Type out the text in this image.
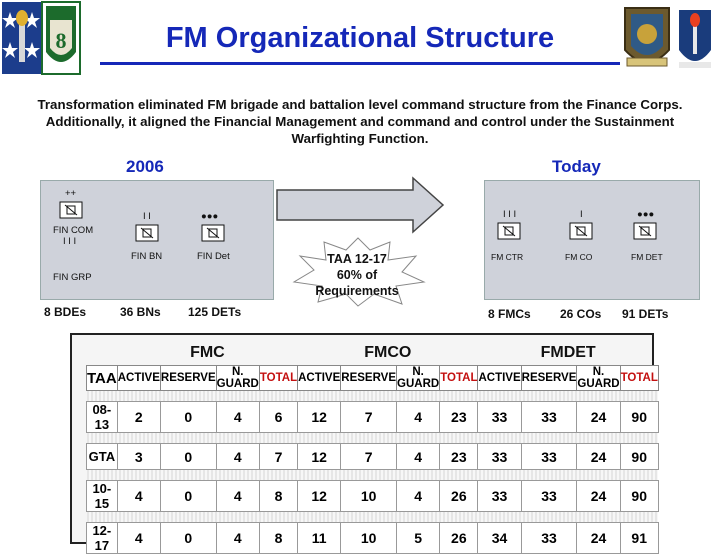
8	FM Organizational Structure
Transformation eliminated FM brigade and battalion level command structure from the Finance Corps. Additionally, it aligned the Financial Management and command and control under the Sustainment Warfighting Function.
2006	Today
++
FIN COM
I I I
FIN GRP
I I
FIN BN
●●●
FIN Det
8 BDEs	36 BNs 125 DETs
TAA 12-17
60% of
Requirements
I I I
FM CTR
I
FM CO
●●●
FM DET
8 FMCs 26 COs 91 DETs
	FMC				FMCO				FMDET			
TAA	ACTIVE	RESERVE	N. GUARD	TOTAL	ACTIVE	RESERVE	N. GUARD	TOTAL	ACTIVE	RESERVE	N. GUARD	TOTAL

08-13	2	0	4	6	12	7	4	23	33	33	24	90

GTA	3	0	4	7	12	7	4	23	33	33	24	90

10-15	4	0	4	8	12	10	4	26	33	33	24	90

12-17	4	0	4	8	11	10	5	26	34	33	24	91
